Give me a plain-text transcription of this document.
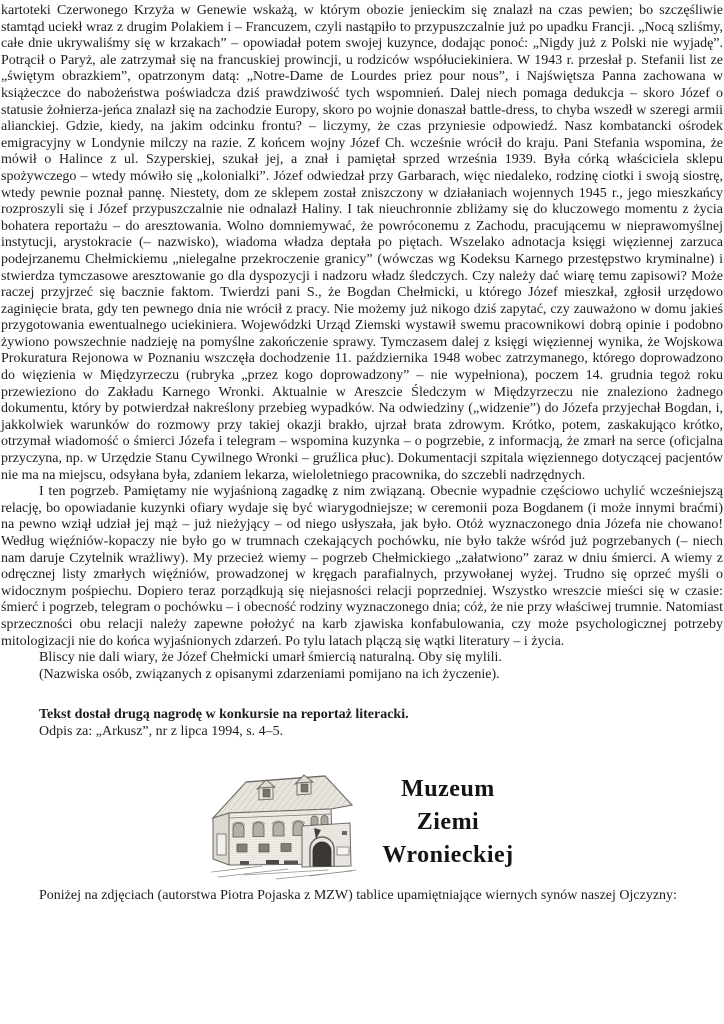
kartoteki Czerwonego Krzyża w Genewie wskażą, w którym obozie jenieckim się znalazł na czas pewien; bo szczęśliwie stamtąd uciekł wraz z drugim Polakiem i – Francuzem, czyli nastąpiło to przypuszczalnie już po upadku Francji. „Nocą szliśmy, całe dnie ukrywaliśmy się w krzakach” – opowiadał potem swojej kuzynce, dodając ponoć: „Nigdy już z Polski nie wyjadę”. Potrącił o Paryż, ale zatrzymał się na francuskiej prowincji, u rodziców współuciekiniera. W 1943 r. przesłał p. Stefanii list ze „świętym obrazkiem”, opatrzonym datą: „Notre-Dame de Lourdes priez pour nous”, i Najświętsza Panna zachowana w książeczce do nabożeństwa poświadcza dziś prawdziwość tych wspomnień. Dalej niech pomaga dedukcja – skoro Józef o statusie żołnierza-jeńca znalazł się na zachodzie Europy, skoro po wojnie donaszał battle-dress, to chyba wszedł w szeregi armii alianckiej. Gdzie, kiedy, na jakim odcinku frontu? – liczymy, że czas przyniesie odpowiedź. Nasz kombatancki ośrodek emigracyjny w Londynie milczy na razie. Z końcem wojny Józef Ch. wcześnie wrócił do kraju. Pani Stefania wspomina, że mówił o Halince z ul. Szyperskiej, szukał jej, a znał i pamiętał sprzed września 1939. Była córką właściciela sklepu spożywczego – wtedy mówiło się „kolonialki”. Józef odwiedzał przy Garbarach, więc niedaleko, rodzinę ciotki i swoją siostrę, wtedy pewnie poznał pannę. Niestety, dom ze sklepem został zniszczony w działaniach wojennych 1945 r., jego mieszkańcy rozproszyli się i Józef przypuszczalnie nie odnalazł Haliny. I tak nieuchronnie zbliżamy się do kluczowego momentu z życia bohatera reportażu – do aresztowania. Wolno domniemywać, że powróconemu z Zachodu, pracującemu w nieprawomyślnej instytucji, arystokracie (– nazwisko), wiadoma władza deptała po piętach. Wszelako adnotacja księgi więziennej zarzuca podejrzanemu Chełmickiemu „nielegalne przekroczenie granicy” (wówczas wg Kodeksu Karnego przestępstwo kryminalne) i stwierdza tymczasowe aresztowanie go dla dyspozycji i nadzoru władz śledczych. Czy należy dać wiarę temu zapisowi? Może raczej przyjrzeć się bacznie faktom. Twierdzi pani S., że Bogdan Chełmicki, u którego Józef mieszkał, zgłosił urzędowo zaginięcie brata, gdy ten pewnego dnia nie wrócił z pracy. Nie możemy już nikogo dziś zapytać, czy zauważono w domu jakieś przygotowania ewentualnego uciekiniera. Wojewódzki Urząd Ziemski wystawił swemu pracownikowi dobrą opinie i podobno żywiono powszechnie nadzieję na pomyślne zakończenie sprawy. Tymczasem dalej z księgi więziennej wynika, że Wojskowa Prokuratura Rejonowa w Poznaniu wszczęła dochodzenie 11. października 1948 wobec zatrzymanego, którego doprowadzono do więzienia w Międzyrzeczu (rubryka „przez kogo doprowadzony” – nie wypełniona), poczem 14. grudnia tegoż roku przewieziono do Zakładu Karnego Wronki. Aktualnie w Areszcie Śledczym w Międzyrzeczu nie znaleziono żadnego dokumentu, który by potwierdzał nakreślony przebieg wypadków. Na odwiedziny („widzenie”) do Józefa przyjechał Bogdan, i, jakkolwiek warunków do rozmowy przy takiej okazji brakło, ujrzał brata zdrowym. Krótko, potem, zaskakująco krótko, otrzymał wiadomość o śmierci Józefa i telegram – wspomina kuzynka – o pogrzebie, z informacją, że zmarł na serce (oficjalna przyczyna, np. w Urzędzie Stanu Cywilnego Wronki – gruźlica płuc). Dokumentacji szpitala więziennego dotyczącej pacjentów nie ma na miejscu, odsyłana była, zdaniem lekarza, wieloletniego pracownika, do szczebli nadrzędnych.

I ten pogrzeb. Pamiętamy nie wyjaśnioną zagadkę z nim związaną. Obecnie wypadnie częściowo uchylić wcześniejszą relację, bo opowiadanie kuzynki ofiary wydaje się być wiarygodniejsze; w ceremonii poza Bogdanem (i może innymi braćmi) na pewno wziął udział jej mąż – już nieżyjący – od niego usłyszała, jak było. Otóż wyznaczonego dnia Józefa nie chowano! Według więźniów-kopaczy nie było go w trumnach czekających pochówku, nie było także wśród już pogrzebanych (– niech nam daruje Czytelnik wrażliwy). My przecież wiemy – pogrzeb Chełmickiego „załatwiono” zaraz w dniu śmierci. A wiemy z odręcznej listy zmarłych więźniów, prowadzonej w kręgach parafialnych, przywołanej wyżej. Trudno się oprzeć myśli o widocznym pośpiechu. Dopiero teraz porządkują się niejasności relacji poprzedniej. Wszystko wreszcie mieści się w czasie: śmierć i pogrzeb, telegram o pochówku – i obecność rodziny wyznaczonego dnia; cóż, że nie przy właściwej trumnie. Natomiast sprzeczności obu relacji należy zapewne położyć na karb zjawiska konfabulowania, czy może psychologicznej potrzeby mitologizacji nie do końca wyjaśnionych zdarzeń. Po tylu latach plączą się wątki literatury – i życia.

Bliscy nie dali wiary, że Józef Chełmicki umarł śmiercią naturalną. Oby się mylili.

(Nazwiska osób, związanych z opisanymi zdarzeniami pomijano na ich życzenie).

Tekst dostał drugą nagrodę w konkursie na reportaż literacki.

Odpis za: „Arkusz”, nr z lipca 1994, s. 4–5.

Muzeum
Ziemi
Wronieckiej

Poniżej na zdjęciach (autorstwa Piotra Pojaska z MZW) tablice upamiętniające wiernych synów naszej Ojczyzny:
